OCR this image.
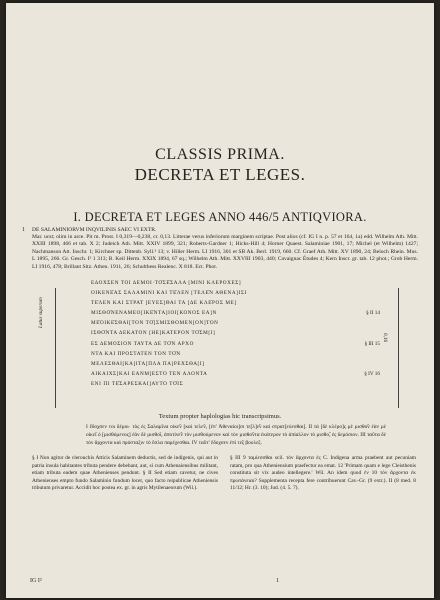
CLASSIS PRIMA.
DECRETA ET LEGES.
I. DECRETA ET LEGES ANNO 446/5 ANTIQVIORA.
1 DE SALAMINIORVM INQVILINIS SAEC VI EXTR.
Mar. ucst; olim in arce. Pit m. Prost. I 0,319—0,238, cr. 0,13. Litterae verus inferiorum marginem scriptae. Post alios (cf. IG I n. p. 57 et 164, 1a) edd. Wilhelm Ath. Mitt. XXIII 1898, 466 et tab. X 2; Judeich Ath. Mitt. XXIV 1899, 321; Roberts-Gardner 1; Hicks-Hill 4; Horner Quaest. Salaminiae 1901, 17; Michel (et Wilhelm) 1427; Nachmanson Att. Inschr. 1; Kirchner sp. Dittenb. Syll.³ 13; v. Hiller Herm. LI 1916, 301 et SB Ak. Berl. 1919, 660. Cf. Graef Ath. Mitt. XV 1890, 24; Beloch Rhein. Mus. L 1895, 266. Gr. Gesch. I² 1 313; B. Keil Herm. XXIX 1894, 67 sq.; Wilhelm Ath. Mitt. XXVIII 1903, 440; Cavaignac Études 4; Kern Inscr. gr. tab. 12 phot.; Grob Herm. LI 1916, 478; Brillant Sitz. Athen. 1911, 26; Schulthess Realenc. X 818. Ect. Phot.
Latus superum
ΕΔΟΧΣΕΝ ΤΟΙ ΔΕΜΟΙ·ΤΟ̄ΣΕ̄ΣΑΛΑ [ΜΙΝΙ ΚΛΕΡΟΧΕΣ]
ΟΙΚΕΝΕ̄ΑΣ ΣΑΛΑΜΙΝΙ ΚΑΙ ΤΕ̄ΛΕΝ [ΤΕΛΕ̄Ν ΑΘΕΝΑ]ΙΣΙ
ΤΕ̄ΛΕΝ ΚΑΙ ΣΤΡΑΤ [ΕΥΕΣ]ΘΑΙ ΤΑ [ΔΕ ΚΛΕ̄ΡΟΣ ΜΕ]
ΜΙΣΘΟ̄ΝΕΝΑΜΕΟ[ΙΚΕ̄ΝΤΑ]ΙΟΙ[ΚΟΝΟΣ ΕΑ]Ν
ΜΕ̄ΟΙΚΕ̄ΣΘΑΙ[ΤΟΝ ΤΟ̄]ΣΜΙΣΘΟΜΕΝ[ΟΝ]ΤΟΝ
ΙΣΘΟ̄ΝΤΑ ΔΕΚΑΤΟΝ [ΗΕ]ΚΑΤΕΡΟΝ ΤΟ̄ΣΜ[Ι]
ΕΣ ΔΕΜΟΣΙΟΝ ΤΑΥΤΑ ΔΕ ΤΟ̄Ν ΑΡΧΟ
ΝΤΑ ΚΑΙ ΠΡΟΣΤΑΤΕΝ ΤΟΝ ΤΟ̄Ν
ΜΕΛΕΣΘΑΙ[ΚΑ]ΙΤΑ[ΠΛΑ ΠΑ]ΡΕΧΣΘΑ[Ι]
ΑΙΚΑΙΧΣ[ΚΑΙ ΕΑΝΜ]ΕΣΤΟ ΤΕΝ ΑΛΟΝΤΑ
ΕΝΙ ΠΙ ΤΕ̄ΣΑΡΕΣΚΑΙ]ΑΥΤΟ ΤΟ̄ΙΣ

§ II 14

§ III 15

§ IV 16

0,16
Textum propter haplologias hic transcripsimus.
I ἔδοχσεν τοι δέμοι· τὸς ἐς Σαλαμῖνα οἰκε̃ν [καὶ τελε̃ν, [ἐπ' Ἀθεναίοι]σι τε[λ]ε̃ν καὶ στρατ[εύεσθαι]. II τὰ [δὲ κλέρο]ς μὲ μισθο̃ν ἐὰν μὲ οἰκε̃ι ὁ [μισθόμενος] ἐὰν δὲ μισθοῖ, ἀποτίνε̃ν τὸν μισθούμενον καὶ τὸν μισθο̃ντα ἑκάτερον τὸ ἀπίαλλον τὸ μισθο̃, ἐς δεμόσιον. III ταῦτα δὲ τὸν ἄρχοντα καὶ πρόσταξιν τὸ ὅπλα παρέχεσθαι. IV ταῦτ' ἔδοχσεν ἐπὶ τε̃ς βουλε̃ς.
§ I Non agitur de clerouchis Atticis Salaminem deductis, sed de indigenis, qui aut in patria insula habitantes tributa pendere debebant, aut, si cum Athenaiensibus militant, etiam tributa eadem quae Athenienses pendunt. § II Sed etiam cavetur, ne cives Athenienses empto fundo Salaminio fundum locet, quo facto reipublicae Atheniensis tributum privaretur. Accidit hoc postea ex. gr. in agris Mytilenaeorum (Wil.).
§ III 9 ταμίεσσθαι scil. τὸν ἄρχοντα ἐς C. Indigena arma praebent aut pecuniam ratam, pro qua Atheniensium praefectur ea emat. 12 'Primam quam e lege Cleisthenis constituta sit vix audeo intellegere.' Wil. An idem quod ἐν 10 τὸν ἄρχοντα ἐκ πρωτάνειαι? Supplementa recepta fere contribuerunt Cav.-Gr. (9 extr.). II (8 med. 8 11/12; Hr. (3. 10); Jud. (4. 5. 7).
IG I²	1
